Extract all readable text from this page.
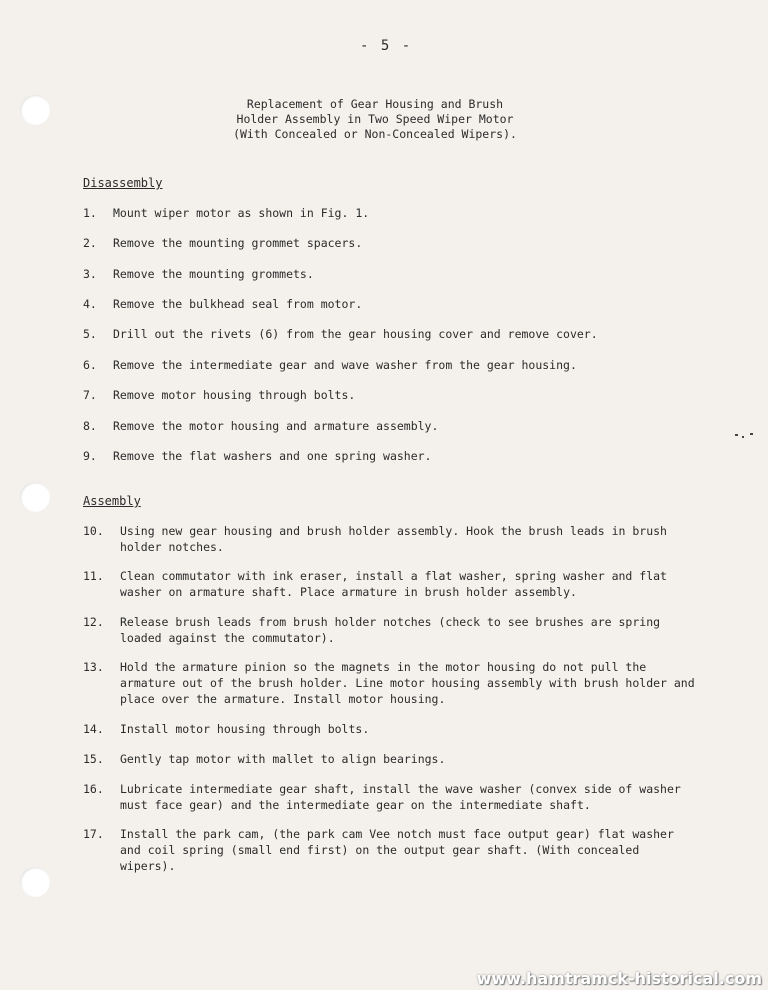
- 5 -
Replacement of Gear Housing and Brush
Holder Assembly in Two Speed Wiper Motor
(With Concealed or Non-Concealed Wipers).
Disassembly
1.	Mount wiper motor as shown in Fig. 1.
2.	Remove the mounting grommet spacers.
3.	Remove the mounting grommets.
4.	Remove the bulkhead seal from motor.
5.	Drill out the rivets (6) from the gear housing cover and remove cover.
6.	Remove the intermediate gear and wave washer from the gear housing.
7.	Remove motor housing through bolts.
8.	Remove the motor housing and armature assembly.
9.	Remove the flat washers and one spring washer.
Assembly
10.	Using new gear housing and brush holder assembly. Hook the brush leads in brush holder notches.
11.	Clean commutator with ink eraser, install a flat washer, spring washer and flat washer on armature shaft. Place armature in brush holder assembly.
12.	Release brush leads from brush holder notches (check to see brushes are spring loaded against the commutator).
13.	Hold the armature pinion so the magnets in the motor housing do not pull the armature out of the brush holder. Line motor housing assembly with brush holder and place over the armature. Install motor housing.
14.	Install motor housing through bolts.
15.	Gently tap motor with mallet to align bearings.
16.	Lubricate intermediate gear shaft, install the wave washer (convex side of washer must face gear) and the intermediate gear on the intermediate shaft.
17.	Install the park cam, (the park cam Vee notch must face output gear) flat washer and coil spring (small end first) on the output gear shaft. (With concealed wipers).
www.hamtramck-historical.com
